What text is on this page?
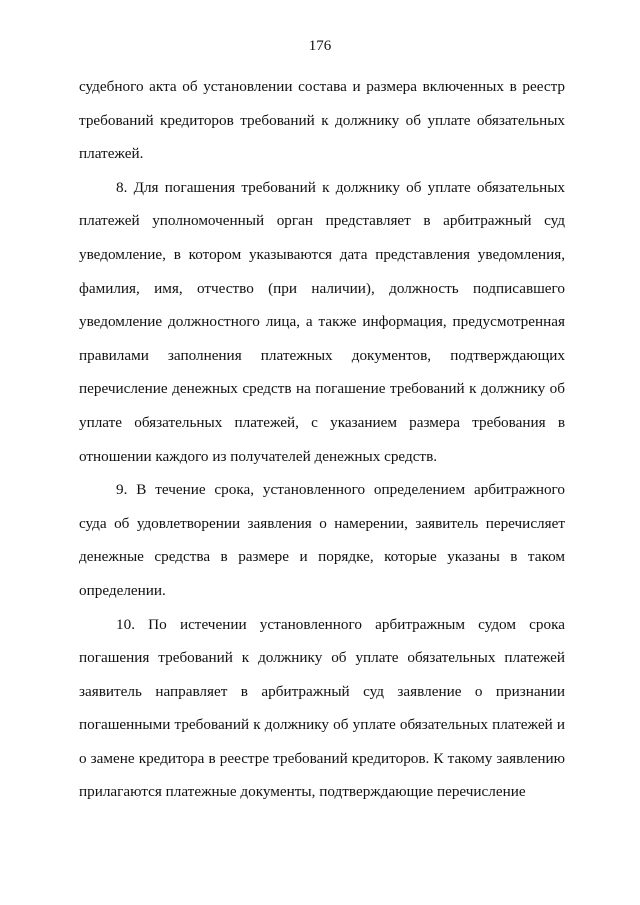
176

судебного акта об установлении состава и размера включенных в реестр требований кредиторов требований к должнику об уплате обязательных платежей.

8. Для погашения требований к должнику об уплате обязательных платежей уполномоченный орган представляет в арбитражный суд уведомление, в котором указываются дата представления уведомления, фамилия, имя, отчество (при наличии), должность подписавшего уведомление должностного лица, а также информация, предусмотренная правилами заполнения платежных документов, подтверждающих перечисление денежных средств на погашение требований к должнику об уплате обязательных платежей, с указанием размера требования в отношении каждого из получателей денежных средств.

9. В течение срока, установленного определением арбитражного суда об удовлетворении заявления о намерении, заявитель перечисляет денежные средства в размере и порядке, которые указаны в таком определении.

10. По истечении установленного арбитражным судом срока погашения требований к должнику об уплате обязательных платежей заявитель направляет в арбитражный суд заявление о признании погашенными требований к должнику об уплате обязательных платежей и о замене кредитора в реестре требований кредиторов. К такому заявлению прилагаются платежные документы, подтверждающие перечисление
